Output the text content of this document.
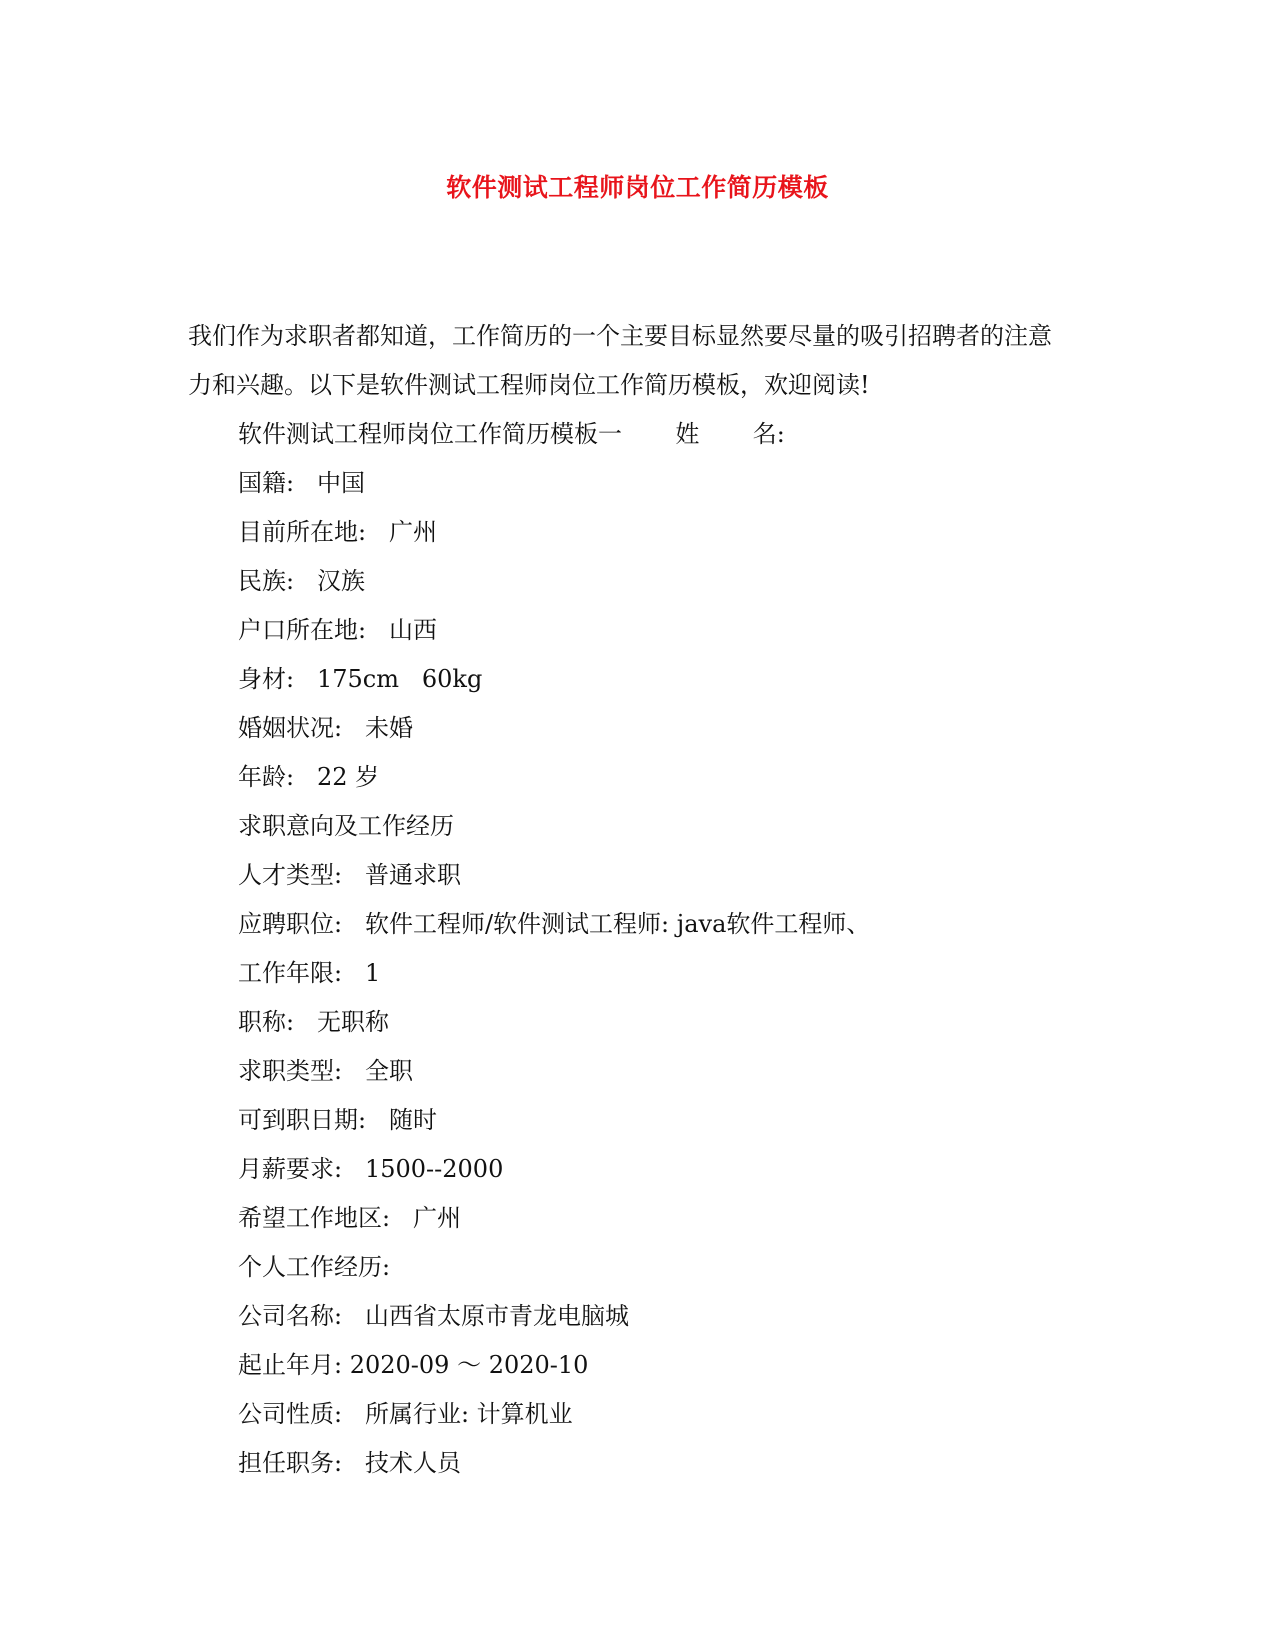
软件测试工程师岗位工作简历模板

我们作为求职者都知道，工作简历的一个主要目标显然要尽量的吸引招聘者的注意

力和兴趣。以下是软件测试工程师岗位工作简历模板，欢迎阅读!

软件测试工程师岗位工作简历模板一       姓       名:
国籍:   中国
目前所在地:   广州
民族:   汉族
户口所在地:   山西
身材:   175cm   60kg
婚姻状况:   未婚
年龄:   22 岁
求职意向及工作经历
人才类型:   普通求职
应聘职位:   软件工程师/软件测试工程师: java软件工程师、
工作年限:   1
职称:   无职称
求职类型:   全职
可到职日期:   随时
月薪要求:   1500--2000
希望工作地区:   广州
个人工作经历:
公司名称:   山西省太原市青龙电脑城
起止年月: 2020-09 ～ 2020-10
公司性质:   所属行业: 计算机业
担任职务:   技术人员
